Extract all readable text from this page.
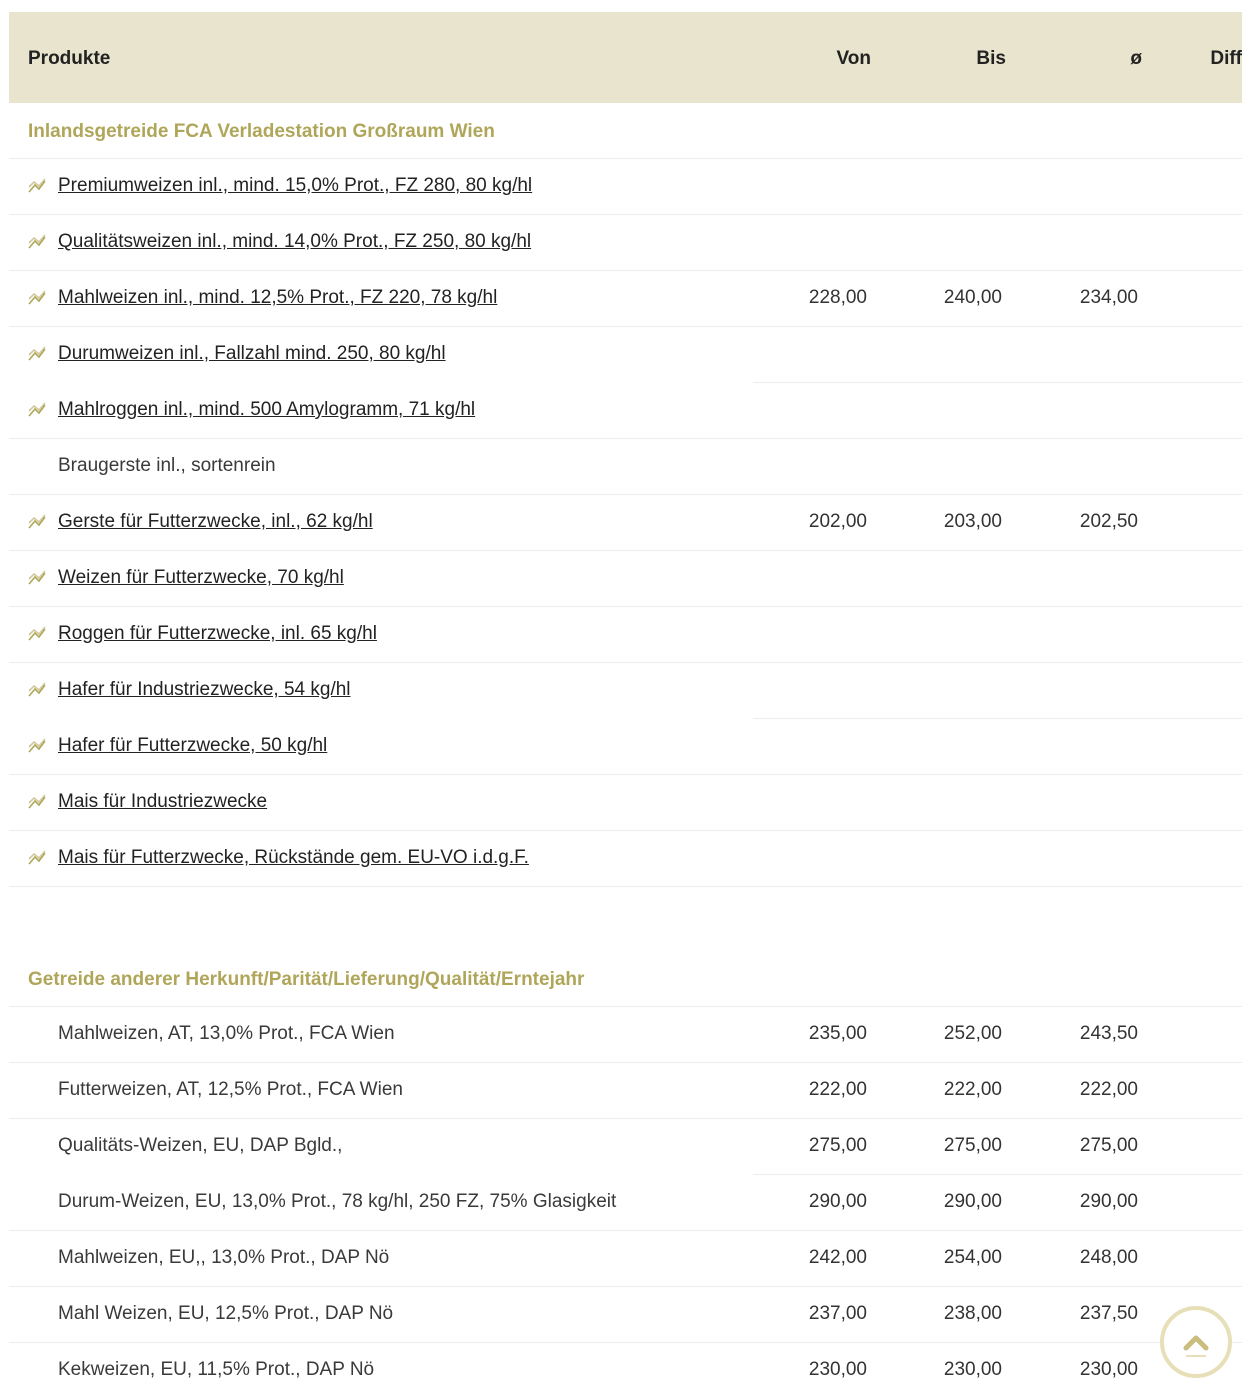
Produkte	Von	Bis	ø	Diff
Inlandsgetreide FCA Verladestation Großraum Wien
Premiumweizen inl., mind. 15,0% Prot., FZ 280, 80 kg/hl
Qualitätsweizen inl., mind. 14,0% Prot., FZ 250, 80 kg/hl
Mahlweizen inl., mind. 12,5% Prot., FZ 220, 78 kg/hl	228,00	240,00	234,00
Durumweizen inl., Fallzahl mind. 250, 80 kg/hl
Mahlroggen inl., mind. 500 Amylogramm, 71 kg/hl
Braugerste inl., sortenrein
Gerste für Futterzwecke, inl., 62 kg/hl	202,00	203,00	202,50
Weizen für Futterzwecke, 70 kg/hl
Roggen für Futterzwecke, inl. 65 kg/hl
Hafer für Industriezwecke, 54 kg/hl
Hafer für Futterzwecke, 50 kg/hl
Mais für Industriezwecke
Mais für Futterzwecke, Rückstände gem. EU-VO i.d.g.F.
Getreide anderer Herkunft/Parität/Lieferung/Qualität/Erntejahr
Mahlweizen, AT, 13,0% Prot., FCA Wien	235,00	252,00	243,50
Futterweizen, AT, 12,5% Prot., FCA Wien	222,00	222,00	222,00
Qualitäts-Weizen, EU, DAP Bgld.,	275,00	275,00	275,00
Durum-Weizen, EU, 13,0% Prot., 78 kg/hl, 250 FZ, 75% Glasigkeit	290,00	290,00	290,00
Mahlweizen, EU,, 13,0% Prot., DAP Nö	242,00	254,00	248,00
Mahl Weizen, EU, 12,5% Prot., DAP Nö	237,00	238,00	237,50
Kekweizen, EU, 11,5% Prot., DAP Nö	230,00	230,00	230,00
